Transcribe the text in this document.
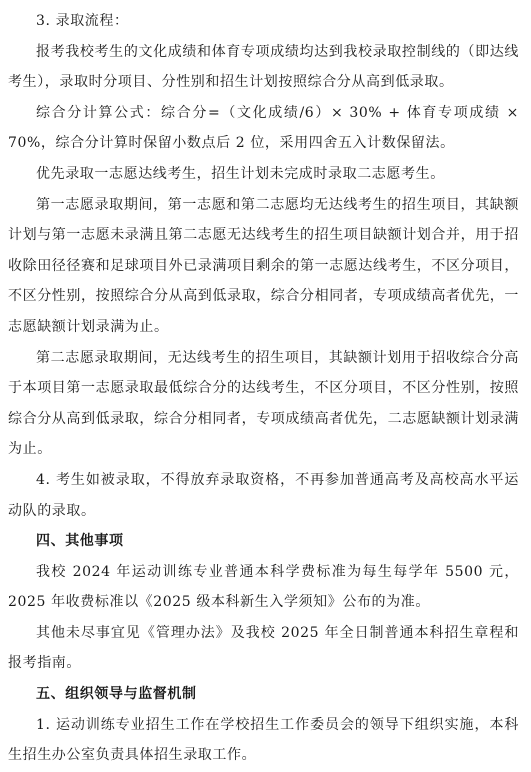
3. 录取流程：

报考我校考生的文化成绩和体育专项成绩均达到我校录取控制线的（即达线考生），录取时分项目、分性别和招生计划按照综合分从高到低录取。

综合分计算公式：综合分=（文化成绩/6）× 30% + 体育专项成绩 × 70%，综合分计算时保留小数点后 2 位，采用四舍五入计数保留法。

优先录取一志愿达线考生，招生计划未完成时录取二志愿考生。

第一志愿录取期间，第一志愿和第二志愿均无达线考生的招生项目，其缺额计划与第一志愿未录满且第二志愿无达线考生的招生项目缺额计划合并，用于招收除田径径赛和足球项目外已录满项目剩余的第一志愿达线考生，不区分项目，不区分性别，按照综合分从高到低录取，综合分相同者，专项成绩高者优先，一志愿缺额计划录满为止。

第二志愿录取期间，无达线考生的招生项目，其缺额计划用于招收综合分高于本项目第一志愿录取最低综合分的达线考生，不区分项目，不区分性别，按照综合分从高到低录取，综合分相同者，专项成绩高者优先，二志愿缺额计划录满为止。

4. 考生如被录取，不得放弃录取资格，不再参加普通高考及高校高水平运动队的录取。

四、其他事项

我校 2024 年运动训练专业普通本科学费标准为每生每学年 5500 元，2025 年收费标准以《2025 级本科新生入学须知》公布的为准。

其他未尽事宜见《管理办法》及我校 2025 年全日制普通本科招生章程和报考指南。

五、组织领导与监督机制

1. 运动训练专业招生工作在学校招生工作委员会的领导下组织实施，本科生招生办公室负责具体招生录取工作。
